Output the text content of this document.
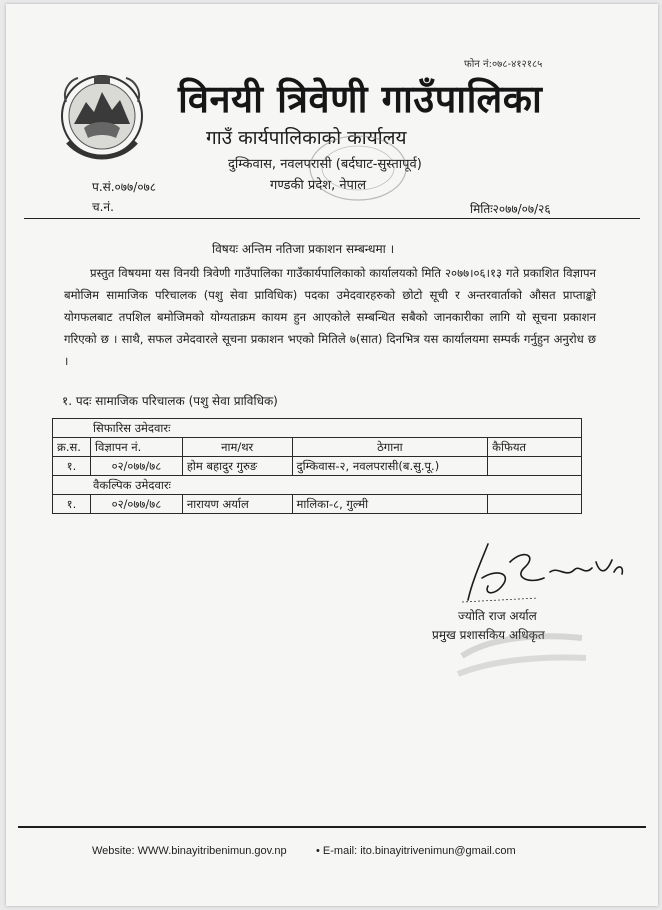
फोन नं:०७८-४१२१८५
विनयी त्रिवेणी गाउँपालिका
गाउँ कार्यपालिकाको कार्यालय
दुम्किवास, नवलपरासी (बर्दघाट-सुस्तापूर्व)
गण्डकी प्रदेश, नेपाल
प.सं.०७७/०७८
च.नं.	मितिः२०७७/०७/२६
विषयः अन्तिम नतिजा प्रकाशन सम्बन्धमा ।
प्रस्तुत विषयमा यस विनयी त्रिवेणी गाउँपालिका गाउँकार्यपालिकाको कार्यालयको मिति २०७७।०६।१३ गते प्रकाशित विज्ञापन बमोजिम सामाजिक परिचालक (पशु सेवा प्राविधिक) पदका उमेदवारहरुको छोटो सूची र अन्तरवार्ताको औसत प्राप्ताङ्को योगफलबाट तपशिल बमोजिमको योग्यताक्रम कायम हुन आएकोले सम्बन्धित सबैको जानकारीका लागि यो सूचना प्रकाशन गरिएको छ । साथै, सफल उमेदवारले सूचना प्रकाशन भएको मितिले ७(सात) दिनभित्र यस कार्यालयमा सम्पर्क गर्नुहुन अनुरोध छ ।
१. पदः सामाजिक परिचालक (पशु सेवा प्राविधिक)
सिफारिस उमेदवारः				
क्र.स.	विज्ञापन नं.	नाम/थर	ठेगाना	कैफियत
१.	०२/०७७/७८	होम बहादुर गुरुङ	दुम्किवास-२, नवलपरासी(ब.सु.पू.)	
वैकल्पिक उमेदवारः				
१.	०२/०७७/७८	नारायण अर्याल	मालिका-८, गुल्मी	
ज्योति राज अर्याल
प्रमुख प्रशासकिय अधिकृत
Website: WWW.binayitribenimun.gov.np	• E-mail: ito.binayitrivenimun@gmail.com
